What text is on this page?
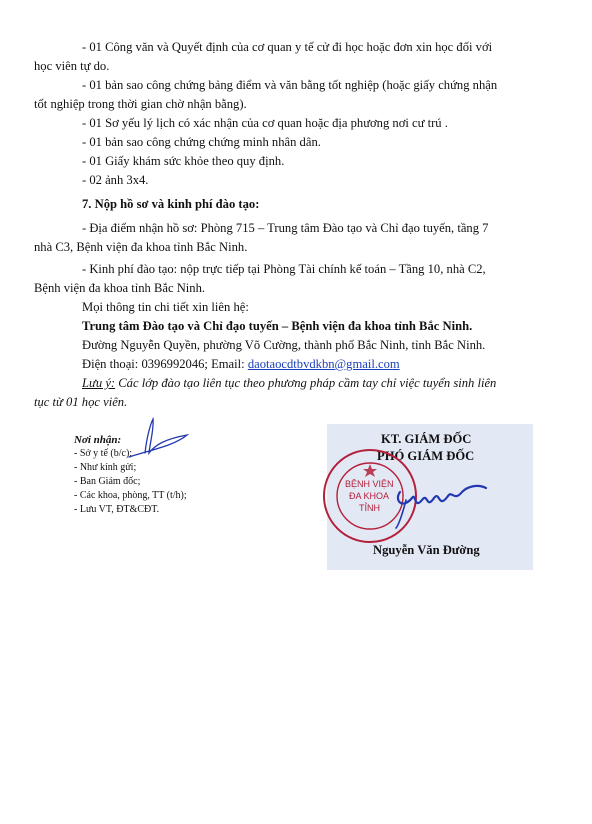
- 01 Công văn và Quyết định của cơ quan y tế cử đi học hoặc đơn xin học đối với
học viên tự do.
- 01 bản sao công chứng bảng điểm và văn bằng tốt nghiệp (hoặc giấy chứng nhận
tốt nghiệp trong thời gian chờ nhận bằng).
- 01 Sơ yếu lý lịch có xác nhận của cơ quan hoặc địa phương nơi cư trú .
- 01 bản sao công chứng chứng minh nhân dân.
- 01 Giấy khám sức khỏe theo quy định.
- 02 ảnh 3x4.
7. Nộp hồ sơ và kinh phí đào tạo:
- Địa điểm nhận hồ sơ: Phòng 715 – Trung tâm Đào tạo và Chỉ đạo tuyến, tầng 7
nhà C3, Bệnh viện đa khoa tỉnh Bắc Ninh.
- Kinh phí đào tạo: nộp trực tiếp tại Phòng Tài chính kế toán – Tầng 10, nhà C2,
Bệnh viện đa khoa tỉnh Bắc Ninh.
Mọi thông tin chi tiết xin liên hệ:
Trung tâm Đào tạo và Chỉ đạo tuyến – Bệnh viện đa khoa tỉnh Bắc Ninh.
Đường Nguyễn Quyền, phường Võ Cường, thành phố Bắc Ninh, tỉnh Bắc Ninh.
Điện thoại: 0396992046; Email: daotaocdtbvdkbn@gmail.com
Lưu ý: Các lớp đào tạo liên tục theo phương pháp cầm tay chỉ việc tuyển sinh liên
tục từ 01 học viên.
Nơi nhận:
- Sở y tế (b/c);
- Như kính gửi;
- Ban Giám đốc;
- Các khoa, phòng, TT (t/h);
- Lưu VT, ĐT&CĐT.
KT. GIÁM ĐỐC
PHÓ GIÁM ĐỐC
BỆNH VIỆN
ĐA KHOA
TỈNH
Nguyễn Văn Đường
